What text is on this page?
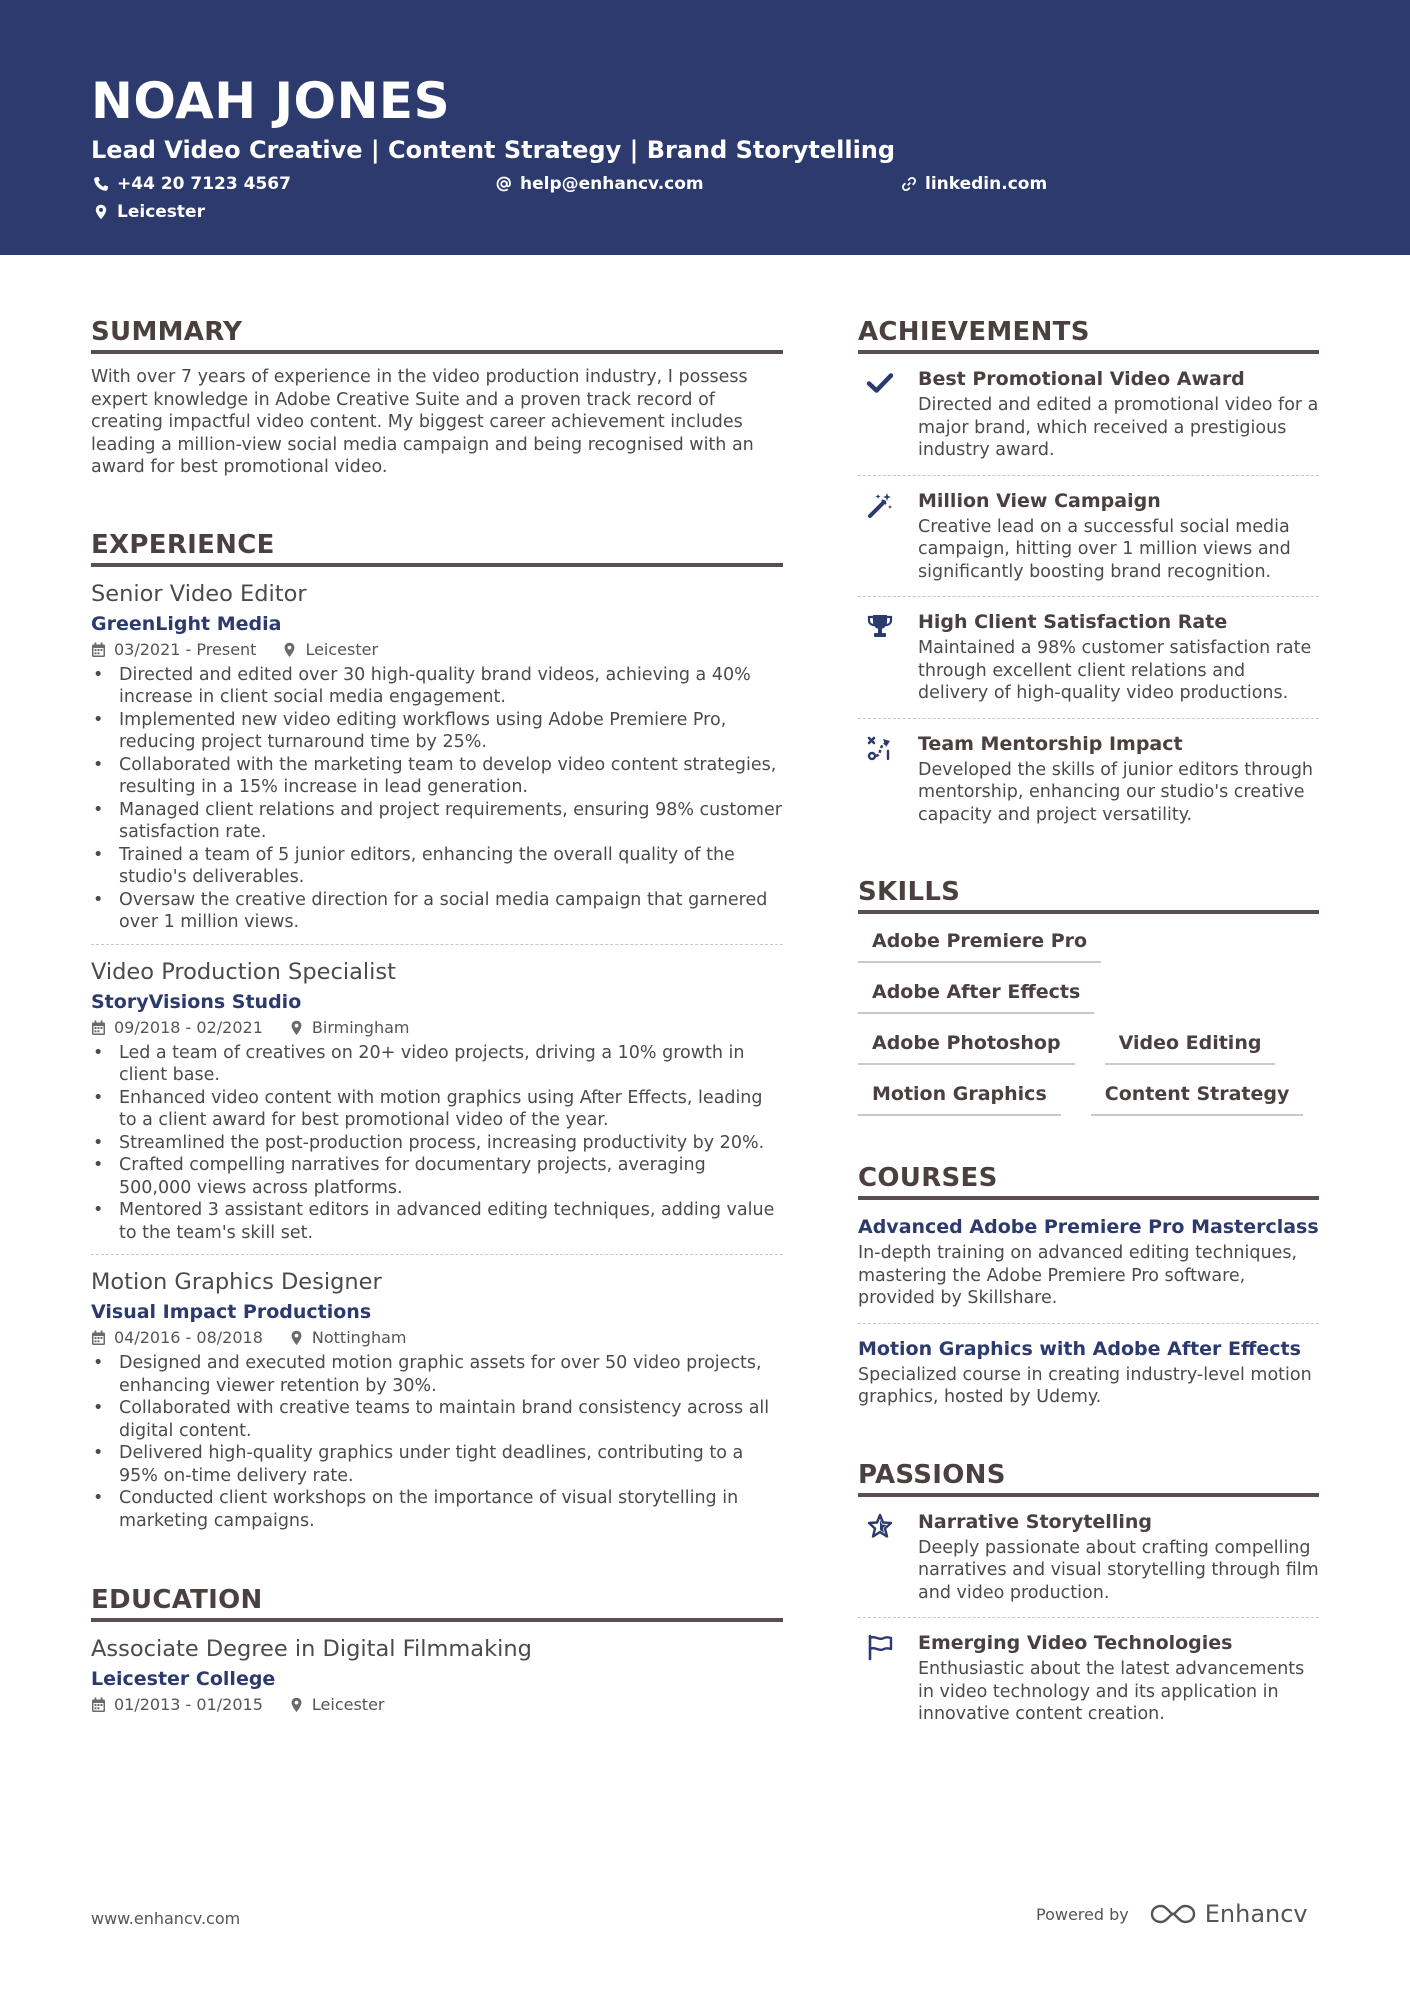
NOAH JONES
Lead Video Creative | Content Strategy | Brand Storytelling
+44 20 7123 4567	help@enhancv.com	linkedin.com
Leicester
SUMMARY
With over 7 years of experience in the video production industry, I possess expert knowledge in Adobe Creative Suite and a proven track record of creating impactful video content. My biggest career achievement includes leading a million-view social media campaign and being recognised with an award for best promotional video.
EXPERIENCE
Senior Video Editor
GreenLight Media
03/2021 - Present	Leicester
• Directed and edited over 30 high-quality brand videos, achieving a 40% increase in client social media engagement.
• Implemented new video editing workflows using Adobe Premiere Pro, reducing project turnaround time by 25%.
• Collaborated with the marketing team to develop video content strategies, resulting in a 15% increase in lead generation.
• Managed client relations and project requirements, ensuring 98% customer satisfaction rate.
• Trained a team of 5 junior editors, enhancing the overall quality of the studio's deliverables.
• Oversaw the creative direction for a social media campaign that garnered over 1 million views.
Video Production Specialist
StoryVisions Studio
09/2018 - 02/2021	Birmingham
• Led a team of creatives on 20+ video projects, driving a 10% growth in client base.
• Enhanced video content with motion graphics using After Effects, leading to a client award for best promotional video of the year.
• Streamlined the post-production process, increasing productivity by 20%.
• Crafted compelling narratives for documentary projects, averaging 500,000 views across platforms.
• Mentored 3 assistant editors in advanced editing techniques, adding value to the team's skill set.
Motion Graphics Designer
Visual Impact Productions
04/2016 - 08/2018	Nottingham
• Designed and executed motion graphic assets for over 50 video projects, enhancing viewer retention by 30%.
• Collaborated with creative teams to maintain brand consistency across all digital content.
• Delivered high-quality graphics under tight deadlines, contributing to a 95% on-time delivery rate.
• Conducted client workshops on the importance of visual storytelling in marketing campaigns.
EDUCATION
Associate Degree in Digital Filmmaking
Leicester College
01/2013 - 01/2015	Leicester
ACHIEVEMENTS
Best Promotional Video Award
Directed and edited a promotional video for a major brand, which received a prestigious industry award.
Million View Campaign
Creative lead on a successful social media campaign, hitting over 1 million views and significantly boosting brand recognition.
High Client Satisfaction Rate
Maintained a 98% customer satisfaction rate through excellent client relations and delivery of high-quality video productions.
Team Mentorship Impact
Developed the skills of junior editors through mentorship, enhancing our studio's creative capacity and project versatility.
SKILLS
Adobe Premiere Pro
Adobe After Effects
Adobe Photoshop	Video Editing
Motion Graphics	Content Strategy
COURSES
Advanced Adobe Premiere Pro Masterclass
In-depth training on advanced editing techniques, mastering the Adobe Premiere Pro software, provided by Skillshare.
Motion Graphics with Adobe After Effects
Specialized course in creating industry-level motion graphics, hosted by Udemy.
PASSIONS
Narrative Storytelling
Deeply passionate about crafting compelling narratives and visual storytelling through film and video production.
Emerging Video Technologies
Enthusiastic about the latest advancements in video technology and its application in innovative content creation.
www.enhancv.com	Powered by	Enhancv
